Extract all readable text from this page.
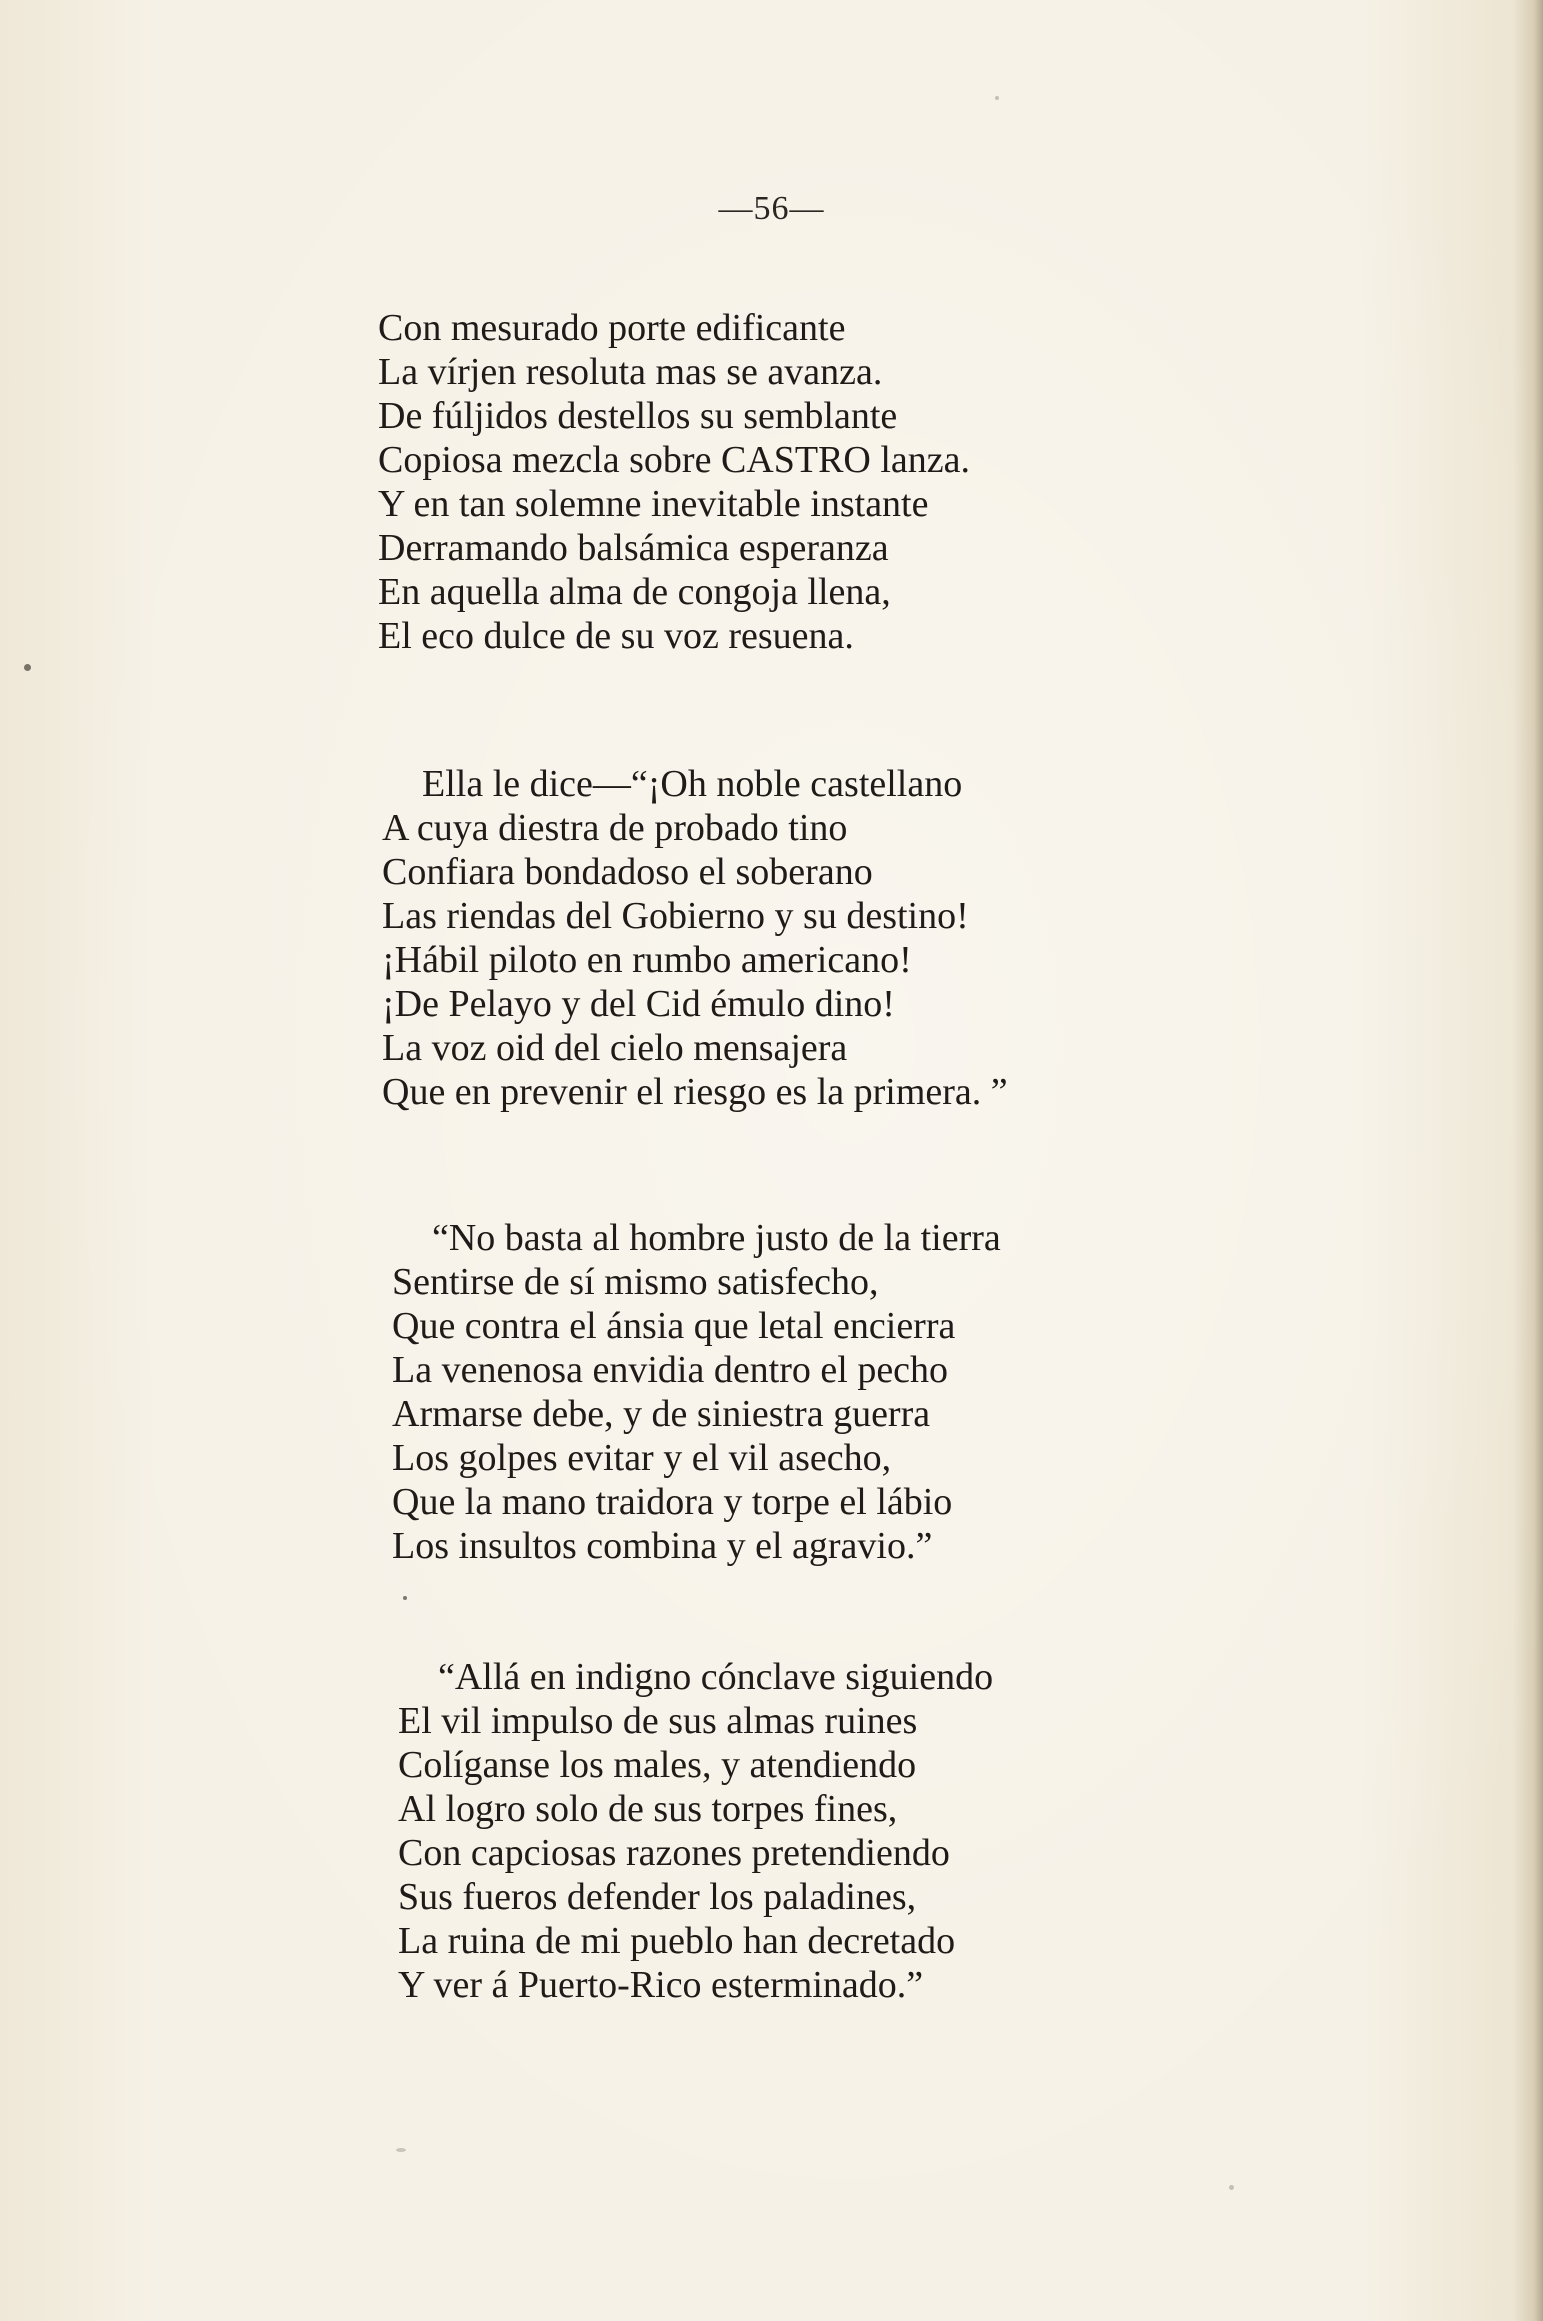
—56—
Con mesurado porte edificante
La vírjen resoluta mas se avanza.
De fúljidos destellos su semblante
Copiosa mezcla sobre CASTRO lanza.
Y en tan solemne inevitable instante
Derramando balsámica esperanza
En aquella alma de congoja llena,
El eco dulce de su voz resuena.
Ella le dice—“¡Oh noble castellano
A cuya diestra de probado tino
Confiara bondadoso el soberano
Las riendas del Gobierno y su destino!
¡Hábil piloto en rumbo americano!
¡De Pelayo y del Cid émulo dino!
La voz oid del cielo mensajera
Que en prevenir el riesgo es la primera. ”
“No basta al hombre justo de la tierra
Sentirse de sí mismo satisfecho,
Que contra el ánsia que letal encierra
La venenosa envidia dentro el pecho
Armarse debe, y de siniestra guerra
Los golpes evitar y el vil asecho,
Que la mano traidora y torpe el lábio
Los insultos combina y el agravio.”
“Allá en indigno cónclave siguiendo
El vil impulso de sus almas ruines
Colíganse los males, y atendiendo
Al logro solo de sus torpes fines,
Con capciosas razones pretendiendo
Sus fueros defender los paladines,
La ruina de mi pueblo han decretado
Y ver á Puerto-Rico esterminado.”
